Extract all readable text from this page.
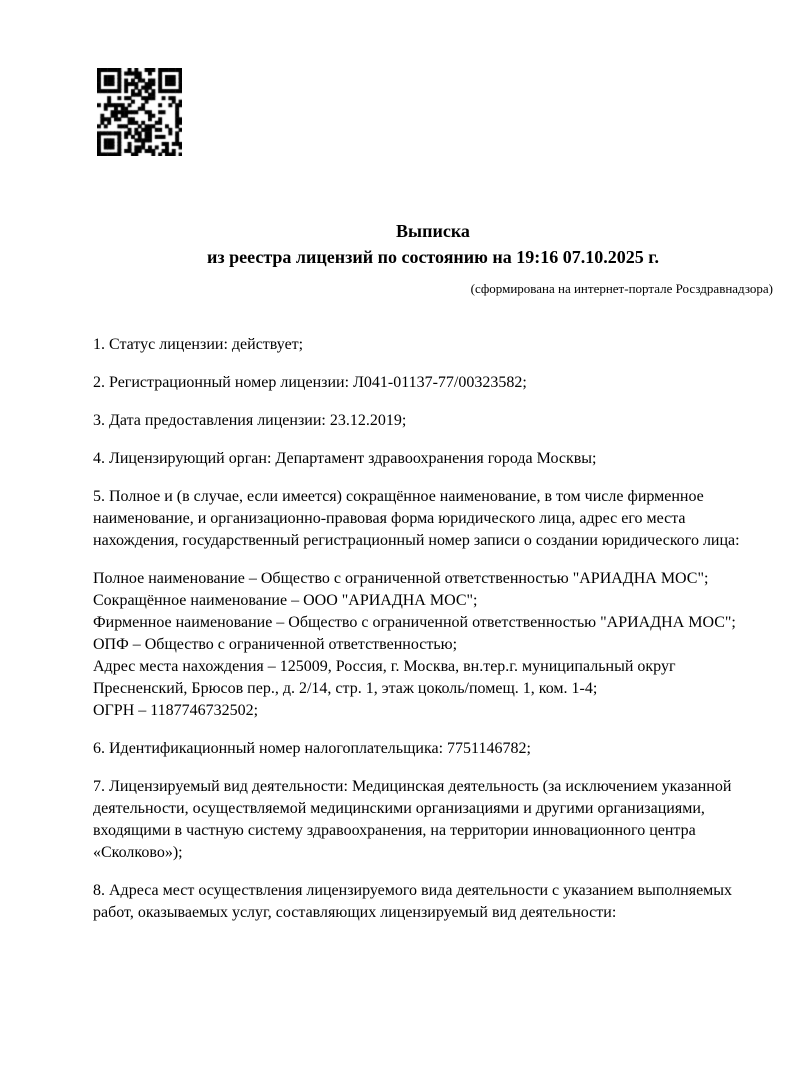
Выписка
из реестра лицензий по состоянию на 19:16 07.10.2025 г.
(сформирована на интернет-портале Росздравнадзора)

1. Статус лицензии: действует;

2. Регистрационный номер лицензии: Л041-01137-77/00323582;

3. Дата предоставления лицензии: 23.12.2019;

4. Лицензирующий орган: Департамент здравоохранения города Москвы;

5. Полное и (в случае, если имеется) сокращённое наименование, в том числе фирменное наименование, и организационно-правовая форма юридического лица, адрес его места нахождения, государственный регистрационный номер записи о создании юридического лица:

Полное наименование – Общество с ограниченной ответственностью "АРИАДНА МОС";
Сокращённое наименование – ООО "АРИАДНА МОС";
Фирменное наименование – Общество с ограниченной ответственностью "АРИАДНА МОС";
ОПФ – Общество с ограниченной ответственностью;
Адрес места нахождения – 125009, Россия, г. Москва, вн.тер.г. муниципальный округ Пресненский, Брюсов пер., д. 2/14, стр. 1, этаж цоколь/помещ. 1, ком. 1-4;
ОГРН – 1187746732502;

6. Идентификационный номер налогоплательщика: 7751146782;

7. Лицензируемый вид деятельности: Медицинская деятельность (за исключением указанной деятельности, осуществляемой медицинскими организациями и другими организациями, входящими в частную систему здравоохранения, на территории инновационного центра «Сколково»);

8. Адреса мест осуществления лицензируемого вида деятельности с указанием выполняемых работ, оказываемых услуг, составляющих лицензируемый вид деятельности:
